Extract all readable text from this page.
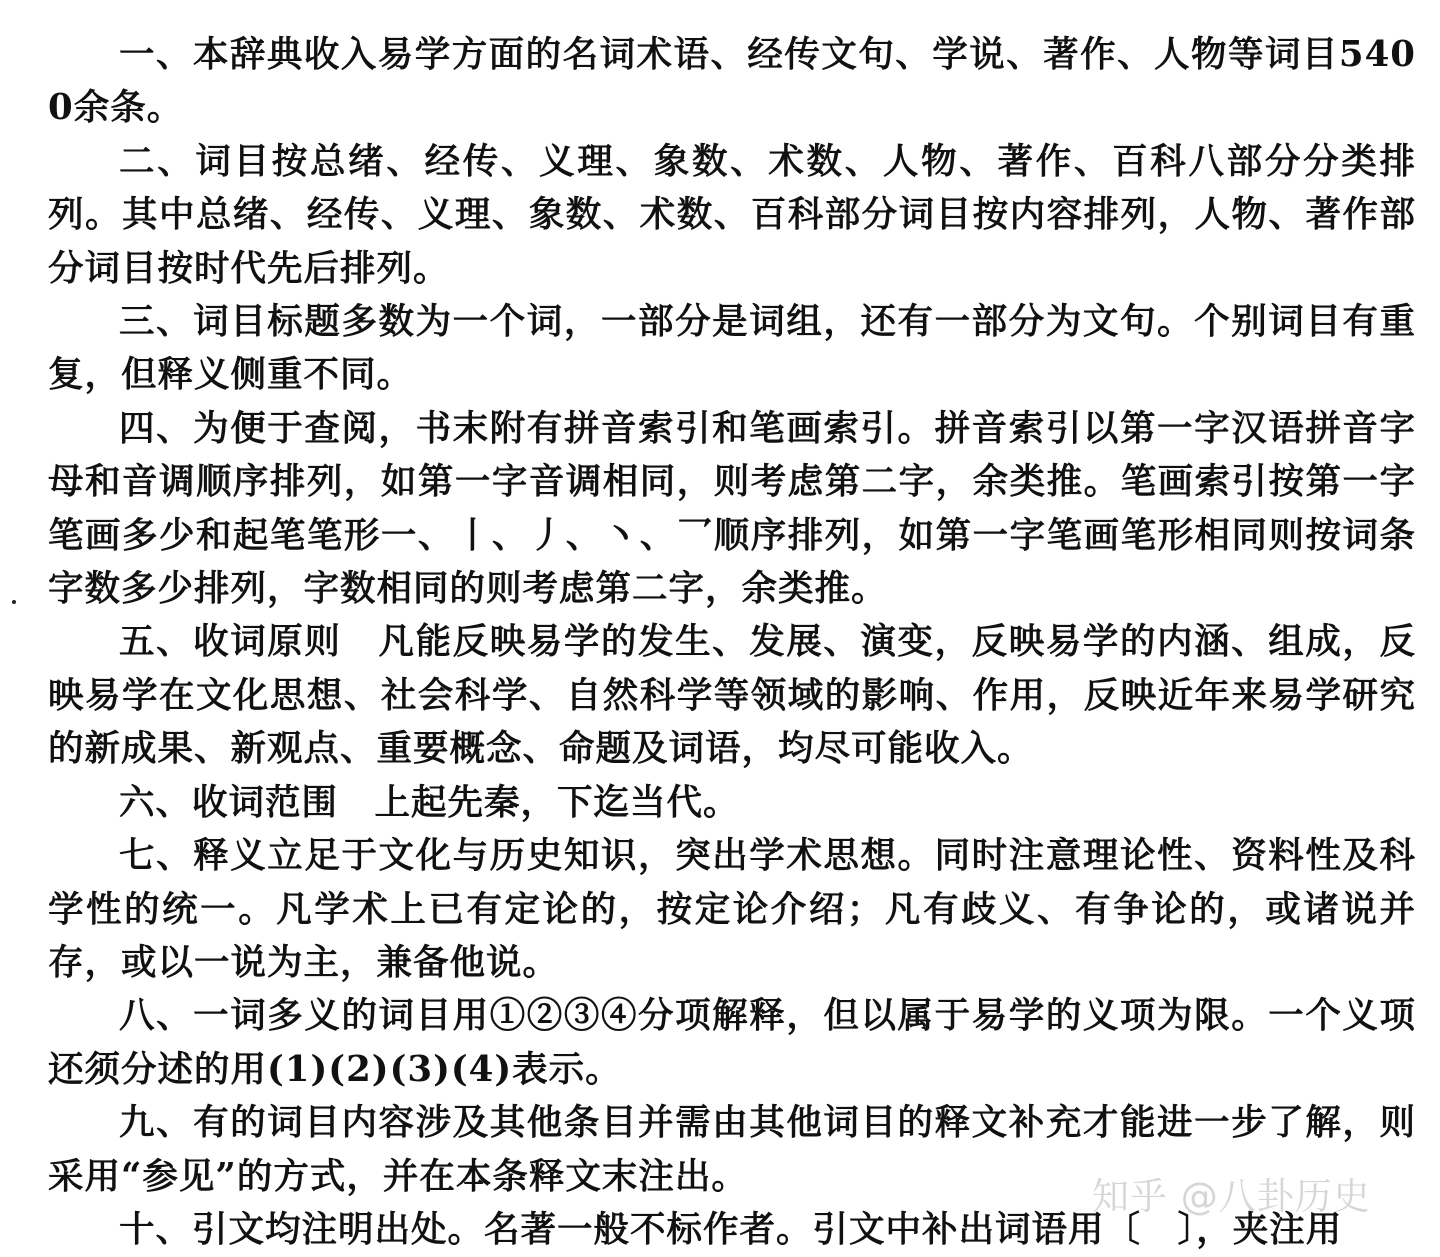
一、本辞典收入易学方面的名词术语、经传文句、学说、著作、人物等词目5400余条。

二、词目按总绪、经传、义理、象数、术数、人物、著作、百科八部分分类排列。其中总绪、经传、义理、象数、术数、百科部分词目按内容排列，人物、著作部分词目按时代先后排列。

三、词目标题多数为一个词，一部分是词组，还有一部分为文句。个别词目有重复，但释义侧重不同。

四、为便于查阅，书末附有拼音索引和笔画索引。拼音索引以第一字汉语拼音字母和音调顺序排列，如第一字音调相同，则考虑第二字，余类推。笔画索引按第一字笔画多少和起笔笔形一、丨、丿、丶、乛顺序排列，如第一字笔画笔形相同则按词条字数多少排列，字数相同的则考虑第二字，余类推。

五、收词原则　凡能反映易学的发生、发展、演变，反映易学的内涵、组成，反映易学在文化思想、社会科学、自然科学等领域的影响、作用，反映近年来易学研究的新成果、新观点、重要概念、命题及词语，均尽可能收入。

六、收词范围　上起先秦，下迄当代。

七、释义立足于文化与历史知识，突出学术思想。同时注意理论性、资料性及科学性的统一。凡学术上已有定论的，按定论介绍；凡有歧义、有争论的，或诸说并存，或以一说为主，兼备他说。

八、一词多义的词目用①②③④分项解释，但以属于易学的义项为限。一个义项还须分述的用(1)(2)(3)(4)表示。

九、有的词目内容涉及其他条目并需由其他词目的释文补充才能进一步了解，则采用“参见”的方式，并在本条释文末注出。

十、引文均注明出处。名著一般不标作者。引文中补出词语用〔　〕，夹注用

知乎 @八卦历史
